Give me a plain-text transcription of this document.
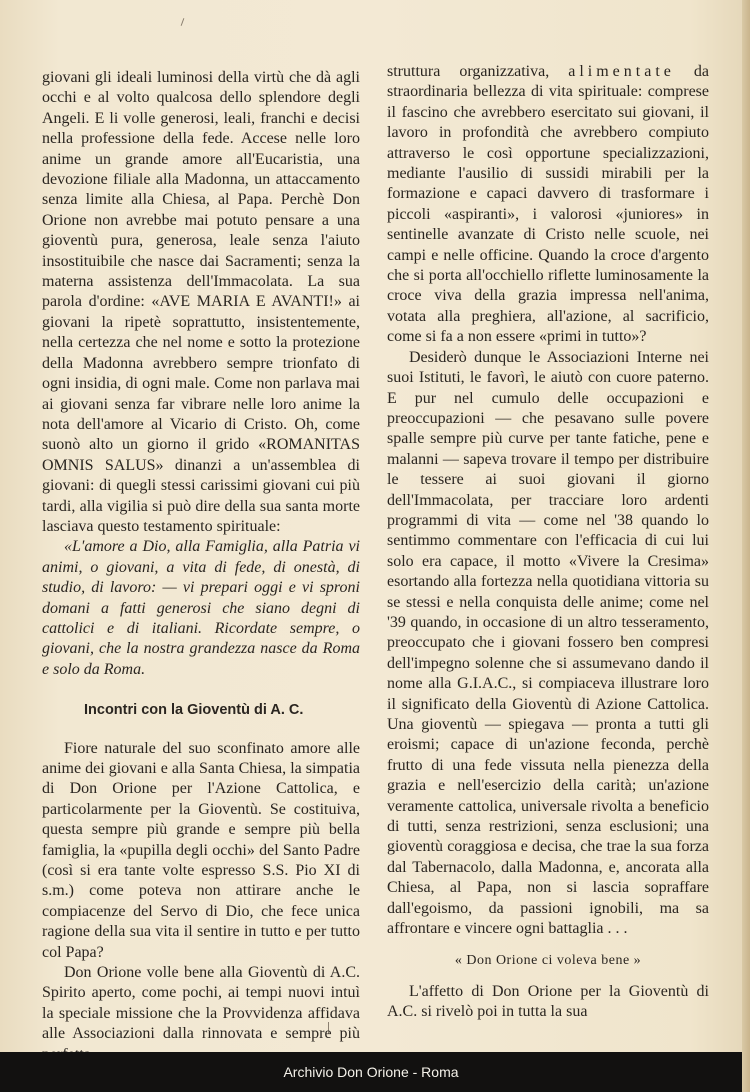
giovani gli ideali luminosi della virtù che dà agli occhi e al volto qualcosa dello splendore degli Angeli. E li volle generosi, leali, franchi e decisi nella professione della fede. Accese nelle loro anime un grande amore all'Eucaristia, una devozione filiale alla Madonna, un attaccamento senza limite alla Chiesa, al Papa. Perchè Don Orione non avrebbe mai potuto pensare a una gioventù pura, generosa, leale senza l'aiuto insostituibile che nasce dai Sacramenti; senza la materna assistenza dell'Immacolata. La sua parola d'ordine: «AVE MARIA E AVANTI!» ai giovani la ripetè soprattutto, insistentemente, nella certezza che nel nome e sotto la protezione della Madonna avrebbero sempre trionfato di ogni insidia, di ogni male. Come non parlava mai ai giovani senza far vibrare nelle loro anime la nota dell'amore al Vicario di Cristo. Oh, come suonò alto un giorno il grido «ROMANITAS OMNIS SALUS» dinanzi a un'assemblea di giovani: di quegli stessi carissimi giovani cui più tardi, alla vigilia si può dire della sua santa morte lasciava questo testamento spirituale:

«L'amore a Dio, alla Famiglia, alla Patria vi animi, o giovani, a vita di fede, di onestà, di studio, di lavoro: — vi prepari oggi e vi sproni domani a fatti generosi che siano degni di cattolici e di italiani. Ricordate sempre, o giovani, che la nostra grandezza nasce da Roma e solo da Roma.

Incontri con la Gioventù di A. C.

Fiore naturale del suo sconfinato amore alle anime dei giovani e alla Santa Chiesa, la simpatia di Don Orione per l'Azione Cattolica, e particolarmente per la Gioventù. Se costituiva, questa sempre più grande e sempre più bella famiglia, la «pupilla degli occhi» del Santo Padre (così si era tante volte espresso S.S. Pio XI di s.m.) come poteva non attirare anche le compiacenze del Servo di Dio, che fece unica ragione della sua vita il sentire in tutto e per tutto col Papa?

Don Orione volle bene alla Gioventù di A.C. Spirito aperto, come pochi, ai tempi nuovi intuì la speciale missione che la Provvidenza affidava alle Associazioni dalla rinnovata e sempre più

struttura organizzativa, alimentate da straordinaria bellezza di vita spirituale: comprese il fascino che avrebbero esercitato sui giovani, il lavoro in profondità che avrebbero compiuto attraverso le così opportune specializzazioni, mediante l'ausilio di sussidi mirabili per la formazione e capaci davvero di trasformare i piccoli «aspiranti», i valorosi «juniores» in sentinelle avanzate di Cristo nelle scuole, nei campi e nelle officine. Quando la croce d'argento che si porta all'occhiello riflette luminosamente la croce viva della grazia impressa nell'anima, votata alla preghiera, all'azione, al sacrificio, come si fa a non essere «primi in tutto»?

Desiderò dunque le Associazioni Interne nei suoi Istituti, le favorì, le aiutò con cuore paterno. E pur nel cumulo delle occupazioni e preoccupazioni — che pesavano sulle povere spalle sempre più curve per tante fatiche, pene e malanni — sapeva trovare il tempo per distribuire le tessere ai suoi giovani il giorno dell'Immacolata, per tracciare loro ardenti programmi di vita — come nel '38 quando lo sentimmo commentare con l'efficacia di cui lui solo era capace, il motto «Vivere la Cresima» esortando alla fortezza nella quotidiana vittoria su se stessi e nella conquista delle anime; come nel '39 quando, in occasione di un altro tesseramento, preoccupato che i giovani fossero ben compresi dell'impegno solenne che si assumevano dando il nome alla G.I.A.C., si compiaceva illustrare loro il significato della Gioventù di Azione Cattolica. Una gioventù — spiegava — pronta a tutti gli eroismi; capace di un'azione feconda, perchè frutto di una fede vissuta nella pienezza della grazia e nell'esercizio della carità; un'azione veramente cattolica, universale rivolta a beneficio di tutti, senza restrizioni, senza esclusioni; una gioventù coraggiosa e decisa, che trae la sua forza dal Tabernacolo, dalla Madonna, e, ancorata alla Chiesa, al Papa, non si lascia sopraffare dall'egoismo, da passioni ignobili, ma sa affrontare e vincere ogni battaglia . . .

« Don Orione ci voleva bene »

L'affetto di Don Orione per la Gioventù di A.C. si rivelò poi in tutta la sua

Archivio Don Orione - Roma
